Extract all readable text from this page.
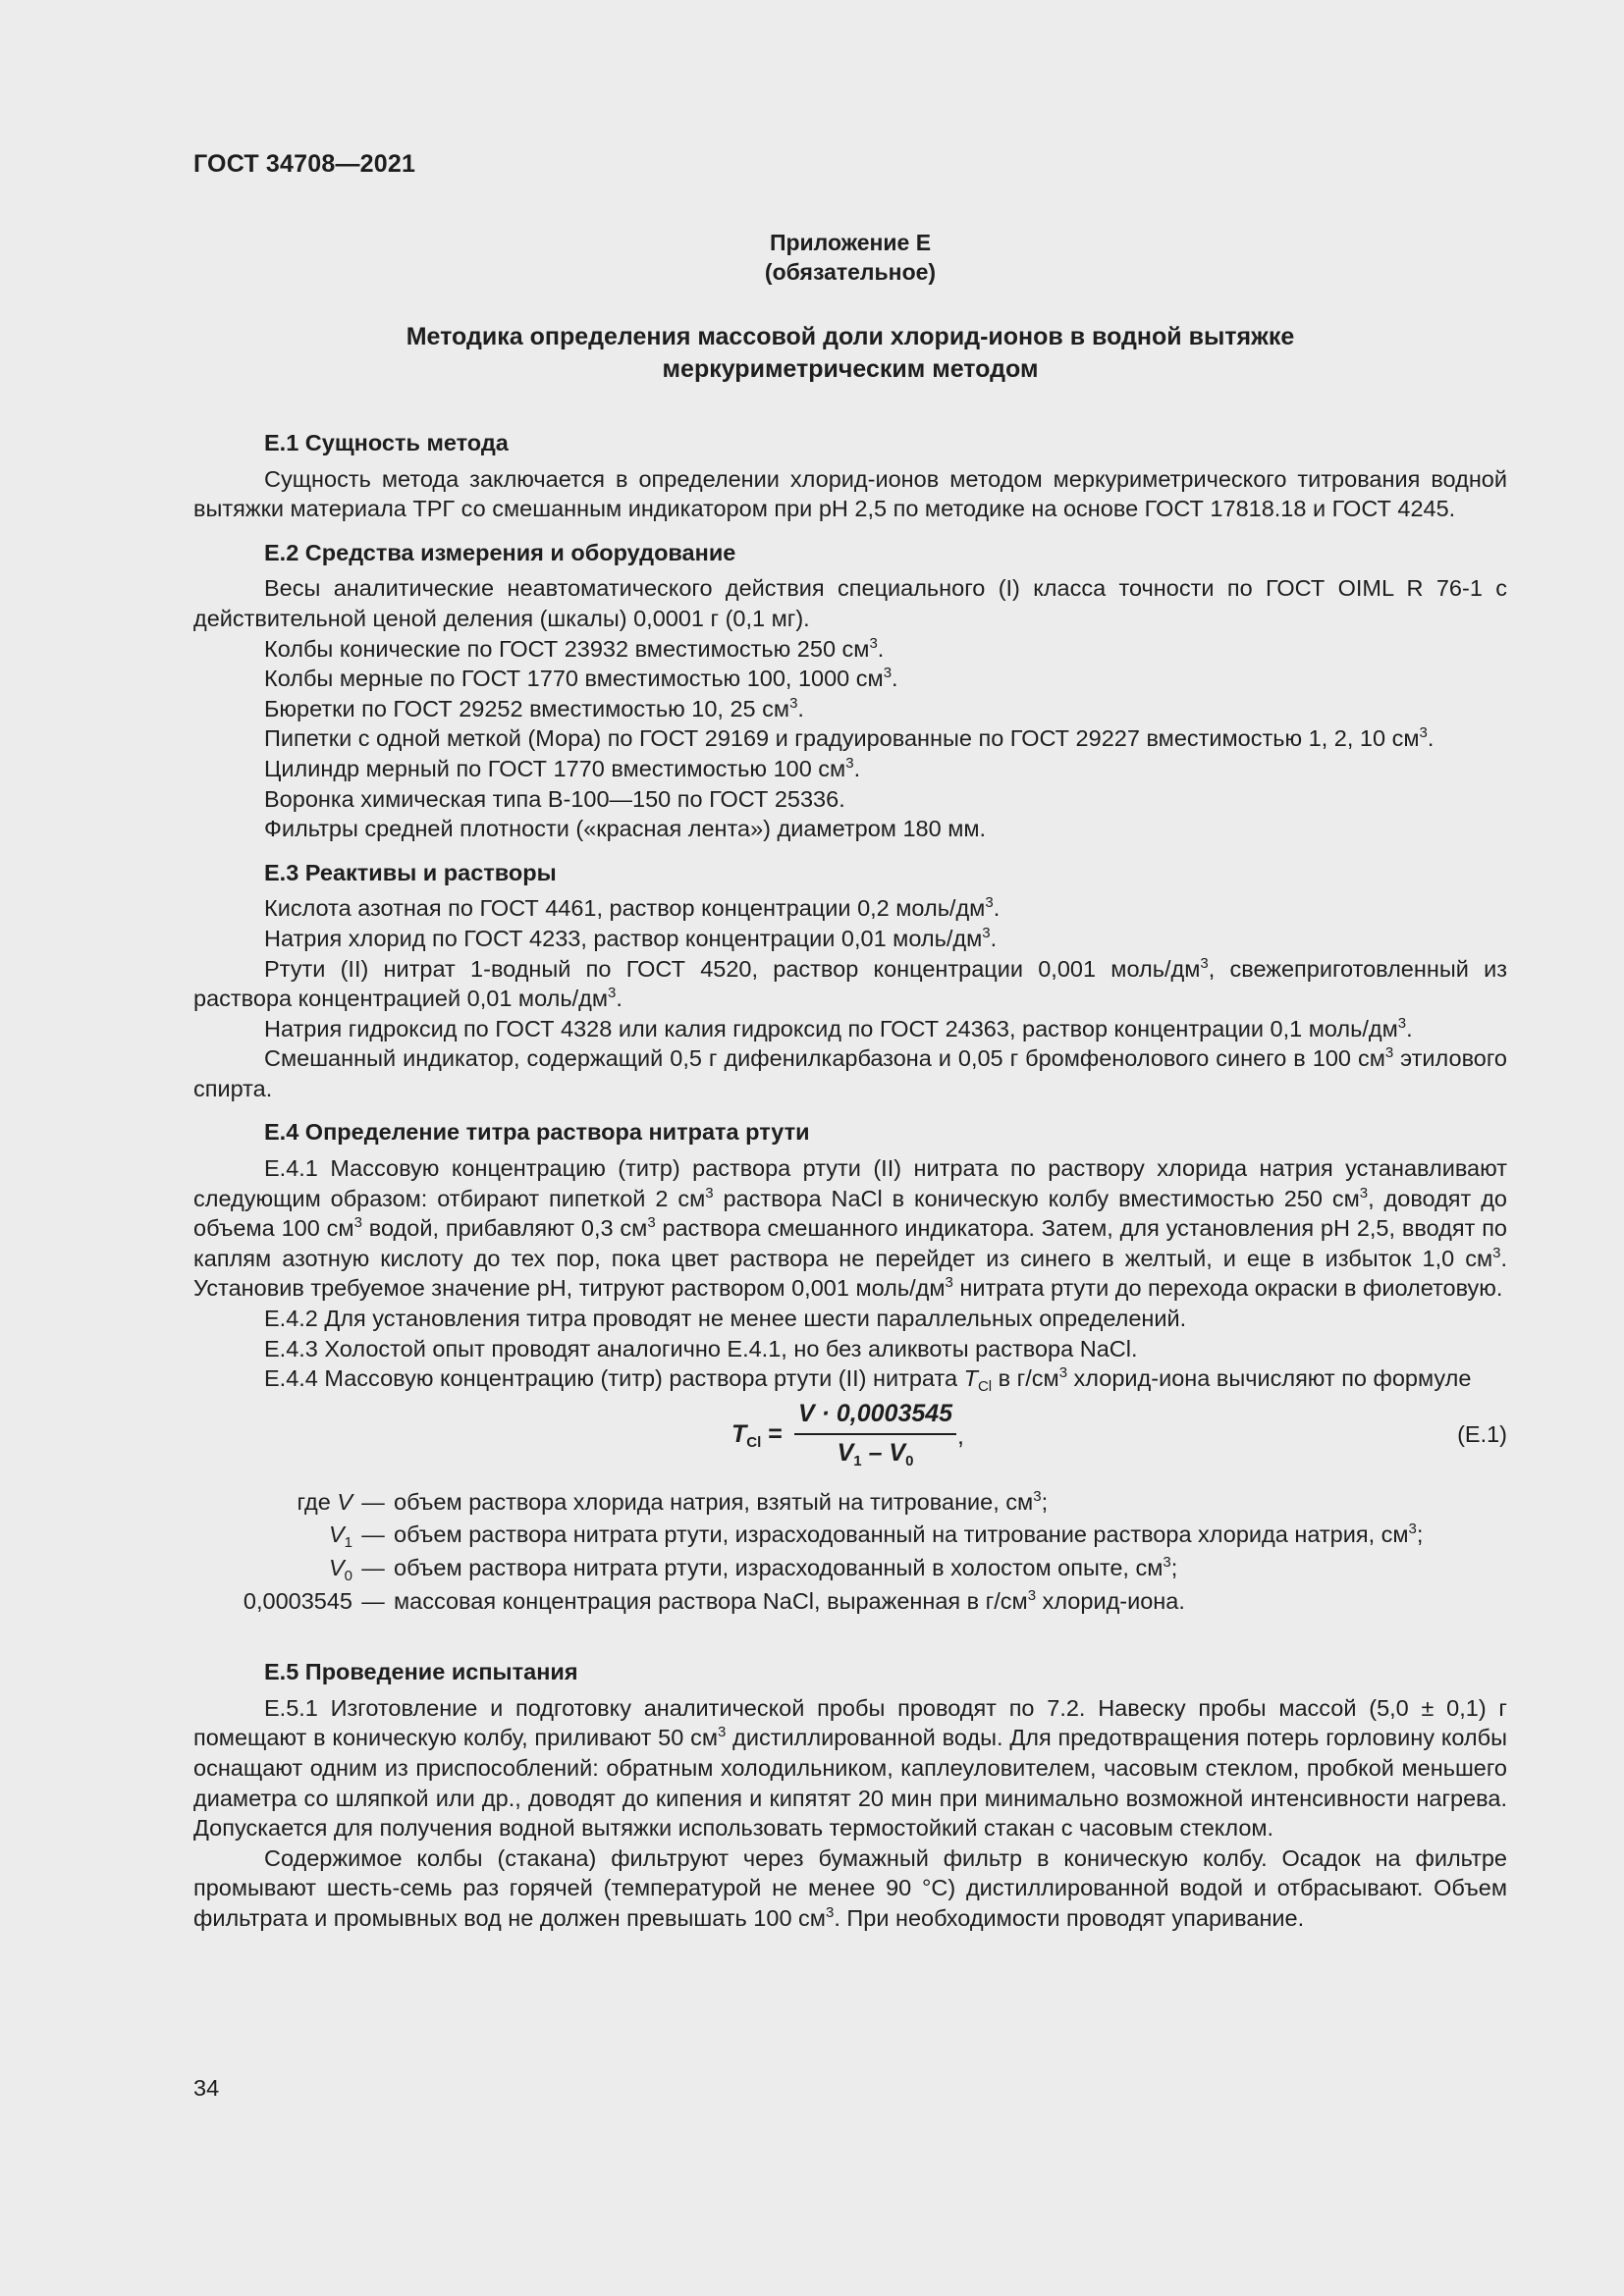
ГОСТ 34708—2021
Приложение Е
(обязательное)
Методика определения массовой доли хлорид-ионов в водной вытяжке
меркуриметрическим методом

Е.1 Сущность метода

Сущность метода заключается в определении хлорид-ионов методом меркуриметрического титрования водной вытяжки материала ТРГ со смешанным индикатором при pH 2,5 по методике на основе ГОСТ 17818.18 и ГОСТ 4245.

Е.2 Средства измерения и оборудование

Весы аналитические неавтоматического действия специального (I) класса точности по ГОСТ OIML R 76-1 с действительной ценой деления (шкалы) 0,0001 г (0,1 мг).

Колбы конические по ГОСТ 23932 вместимостью 250 $см^3$.

Колбы мерные по ГОСТ 1770 вместимостью 100, 1000 $см^3$.

Бюретки по ГОСТ 29252 вместимостью 10, 25 $см^3$.

Пипетки с одной меткой (Мора) по ГОСТ 29169 и градуированные по ГОСТ 29227 вместимостью 1, 2, 10 $см^3$.

Цилиндр мерный по ГОСТ 1770 вместимостью 100 $см^3$.

Воронка химическая типа В-100—150 по ГОСТ 25336.

Фильтры средней плотности («красная лента») диаметром 180 мм.

Е.3 Реактивы и растворы

Кислота азотная по ГОСТ 4461, раствор концентрации 0,2 моль/$дм^3$.

Натрия хлорид по ГОСТ 4233, раствор концентрации 0,01 моль/$дм^3$.

Ртути (II) нитрат 1-водный по ГОСТ 4520, раствор концентрации 0,001 моль/$дм^3$, свежеприготовленный из раствора концентрацией 0,01 моль/$дм^3$.

Натрия гидроксид по ГОСТ 4328 или калия гидроксид по ГОСТ 24363, раствор концентрации 0,1 моль/$дм^3$.

Смешанный индикатор, содержащий 0,5 г дифенилкарбазона и 0,05 г бромфенолового синего в 100 $см^3$ этилового спирта.

Е.4 Определение титра раствора нитрата ртути

Е.4.1 Массовую концентрацию (титр) раствора ртути (II) нитрата по раствору хлорида натрия устанавливают следующим образом: отбирают пипеткой 2 $см^3$ раствора NaCl в коническую колбу вместимостью 250 $см^3$, доводят до объема 100 $см^3$ водой, прибавляют 0,3 $см^3$ раствора смешанного индикатора. Затем, для установления pH 2,5, вводят по каплям азотную кислоту до тех пор, пока цвет раствора не перейдет из синего в желтый, и еще в избыток 1,0 $см^3$. Установив требуемое значение pH, титруют раствором 0,001 моль/$дм^3$ нитрата ртути до перехода окраски в фиолетовую.

Е.4.2 Для установления титра проводят не менее шести параллельных определений.

Е.4.3 Холостой опыт проводят аналогично Е.4.1, но без аликвоты раствора NaCl.

Е.4.4 Массовую концентрацию (титр) раствора ртути (II) нитрата $T_{Cl}$ в $г/см^3$ хлорид-иона вычисляют по формуле

$T_{Cl} = \frac{V \cdot 0,0003545}{V_1 - V_0}$ ,	(Е.1)
где V — объем раствора хлорида натрия, взятый на титрование, $см^3$;
$V_1$ — объем раствора нитрата ртути, израсходованный на титрование раствора хлорида натрия, $см^3$;
$V_0$ — объем раствора нитрата ртути, израсходованный в холостом опыте, $см^3$;
0,0003545 — массовая концентрация раствора NaCl, выраженная в $г/см^3$ хлорид-иона.

Е.5 Проведение испытания

Е.5.1 Изготовление и подготовку аналитической пробы проводят по 7.2. Навеску пробы массой (5,0 ± 0,1) г помещают в коническую колбу, приливают 50 $см^3$ дистиллированной воды. Для предотвращения потерь горловину колбы оснащают одним из приспособлений: обратным холодильником, каплеуловителем, часовым стеклом, пробкой меньшего диаметра со шляпкой или др., доводят до кипения и кипятят 20 мин при минимально возможной интенсивности нагрева. Допускается для получения водной вытяжки использовать термостойкий стакан с часовым стеклом.

Содержимое колбы (стакана) фильтруют через бумажный фильтр в коническую колбу. Осадок на фильтре промывают шесть-семь раз горячей (температурой не менее 90 °С) дистиллированной водой и отбрасывают. Объем фильтрата и промывных вод не должен превышать 100 $см^3$. При необходимости проводят упаривание.

34
